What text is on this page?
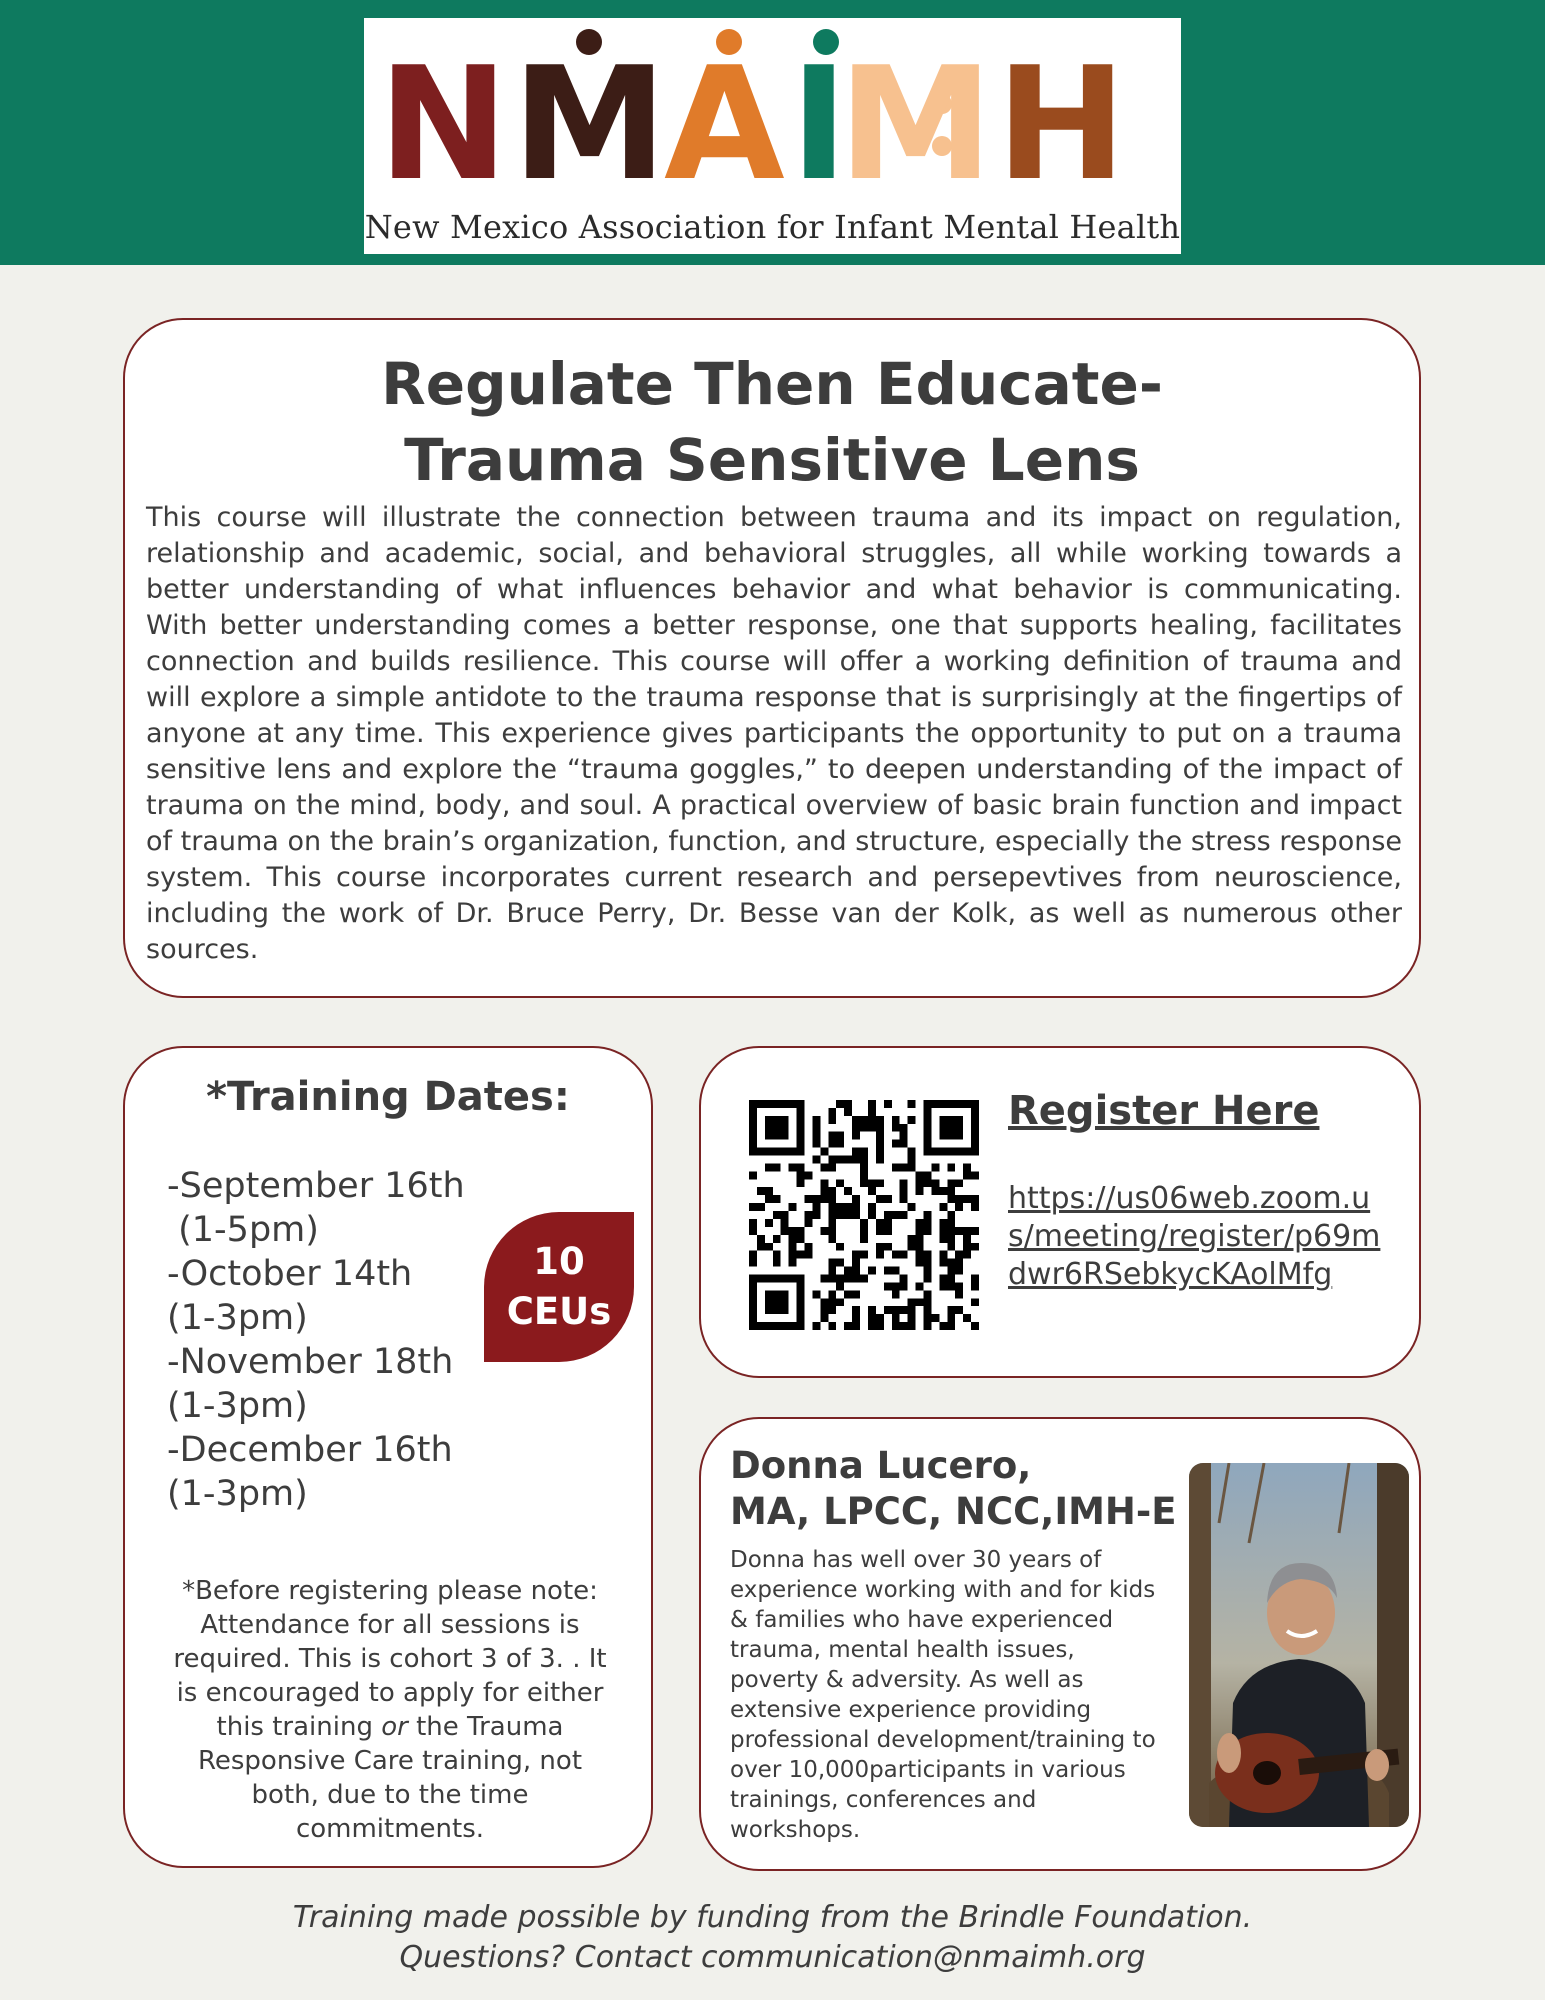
N M
A I
M H
New Mexico Association for Infant Mental Health
Regulate Then Educate-
Trauma Sensitive Lens

This course will illustrate the connection between trauma and its impact on regulation, relationship and academic, social, and behavioral struggles, all while working towards a better understanding of what influences behavior and what behavior is communicating. With better understanding comes a better response, one that supports healing, facilitates connection and builds resilience. This course will offer a working definition of trauma and will explore a simple antidote to the trauma response that is surprisingly at the fingertips of anyone at any time. This experience gives participants the opportunity to put on a trauma sensitive lens and explore the “trauma goggles,” to deepen understanding of the impact of trauma on the mind, body, and soul. A practical overview of basic brain function and impact of trauma on the brain’s organization, function, and structure, especially the stress response system. This course incorporates current research and persepevtives from neuroscience, including the work of Dr. Bruce Perry, Dr. Besse van der Kolk, as well as numerous other sources.

*Training Dates:
-September 16th
(1-5pm)
-October 14th
(1-3pm)
-November 18th
(1-3pm)
-December 16th
(1-3pm)
10
CEUs

*Before registering please note: Attendance for all sessions is required. This is cohort 3 of 3. . It is encouraged to apply for either this training or the Trauma Responsive Care training, not both, due to the time commitments.

Register Here
https://us06web.zoom.us/meeting/register/p69mdwr6RSebkycKAolMfg
Donna Lucero,
MA, LPCC, NCC,IMH-E

Donna has well over 30 years of experience working with and for kids & families who have experienced trauma, mental health issues, poverty & adversity. As well as extensive experience providing professional development/training to over 10,000participants in various trainings, conferences and workshops.

Training made possible by funding from the Brindle Foundation.
Questions? Contact communication@nmaimh.org
